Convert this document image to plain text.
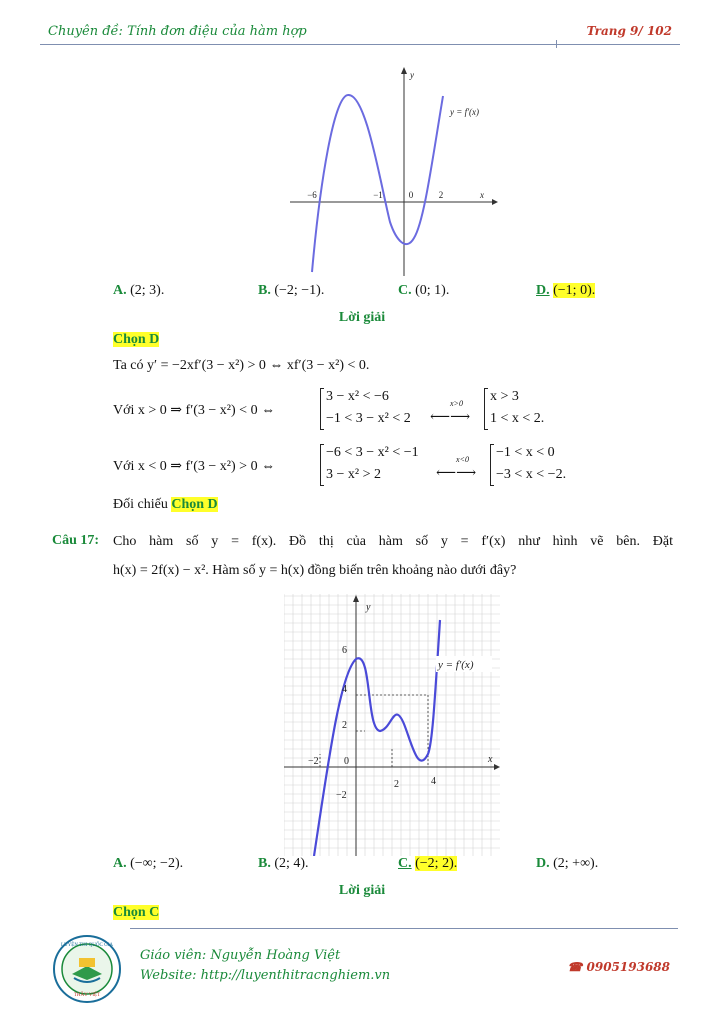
Chuyên đề: Tính đơn điệu của hàm hợp	Trang 9/ 102
−6	−1	0	2	x
y
y = f′(x)
A. (2; 3).	B. (−2; −1).	C. (0; 1).	D. (−1; 0).
Lời giải
Chọn D
Ta có y′ = −2xf′(3 − x²) > 0 ⇔ xf′(3 − x²) < 0.
Với x > 0 ⇒ f′(3 − x²) < 0 ⇔
3 − x² < −6
−1 < 3 − x² < 2
x>0
⟵⟶
x > 3
1 < x < 2.
Với x < 0 ⇒ f′(3 − x²) > 0 ⇔
−6 < 3 − x² < −1
3 − x² > 2
x<0
⟵⟶
−1 < x < 0
−3 < x < −2.
Đối chiếu Chọn D
Câu 17: Cho hàm số y = f(x). Đồ thị của hàm số y = f′(x) như hình vẽ bên. Đặt
h(x) = 2f(x) − x². Hàm số y = h(x) đồng biến trên khoảng nào dưới đây?
6
4
2
0
−2
−2
2	4
x
y
y = f′(x)
A. (−∞; −2).	B. (2; 4).	C. (−2; 2).	D. (2; +∞).
Lời giải
Chọn C
LUYỆN THI QUỐC GIA
THẦY VIỆT
Giáo viên: Nguyễn Hoàng Việt
Website: http://luyenthitracnghiem.vn
☎ 0905193688
